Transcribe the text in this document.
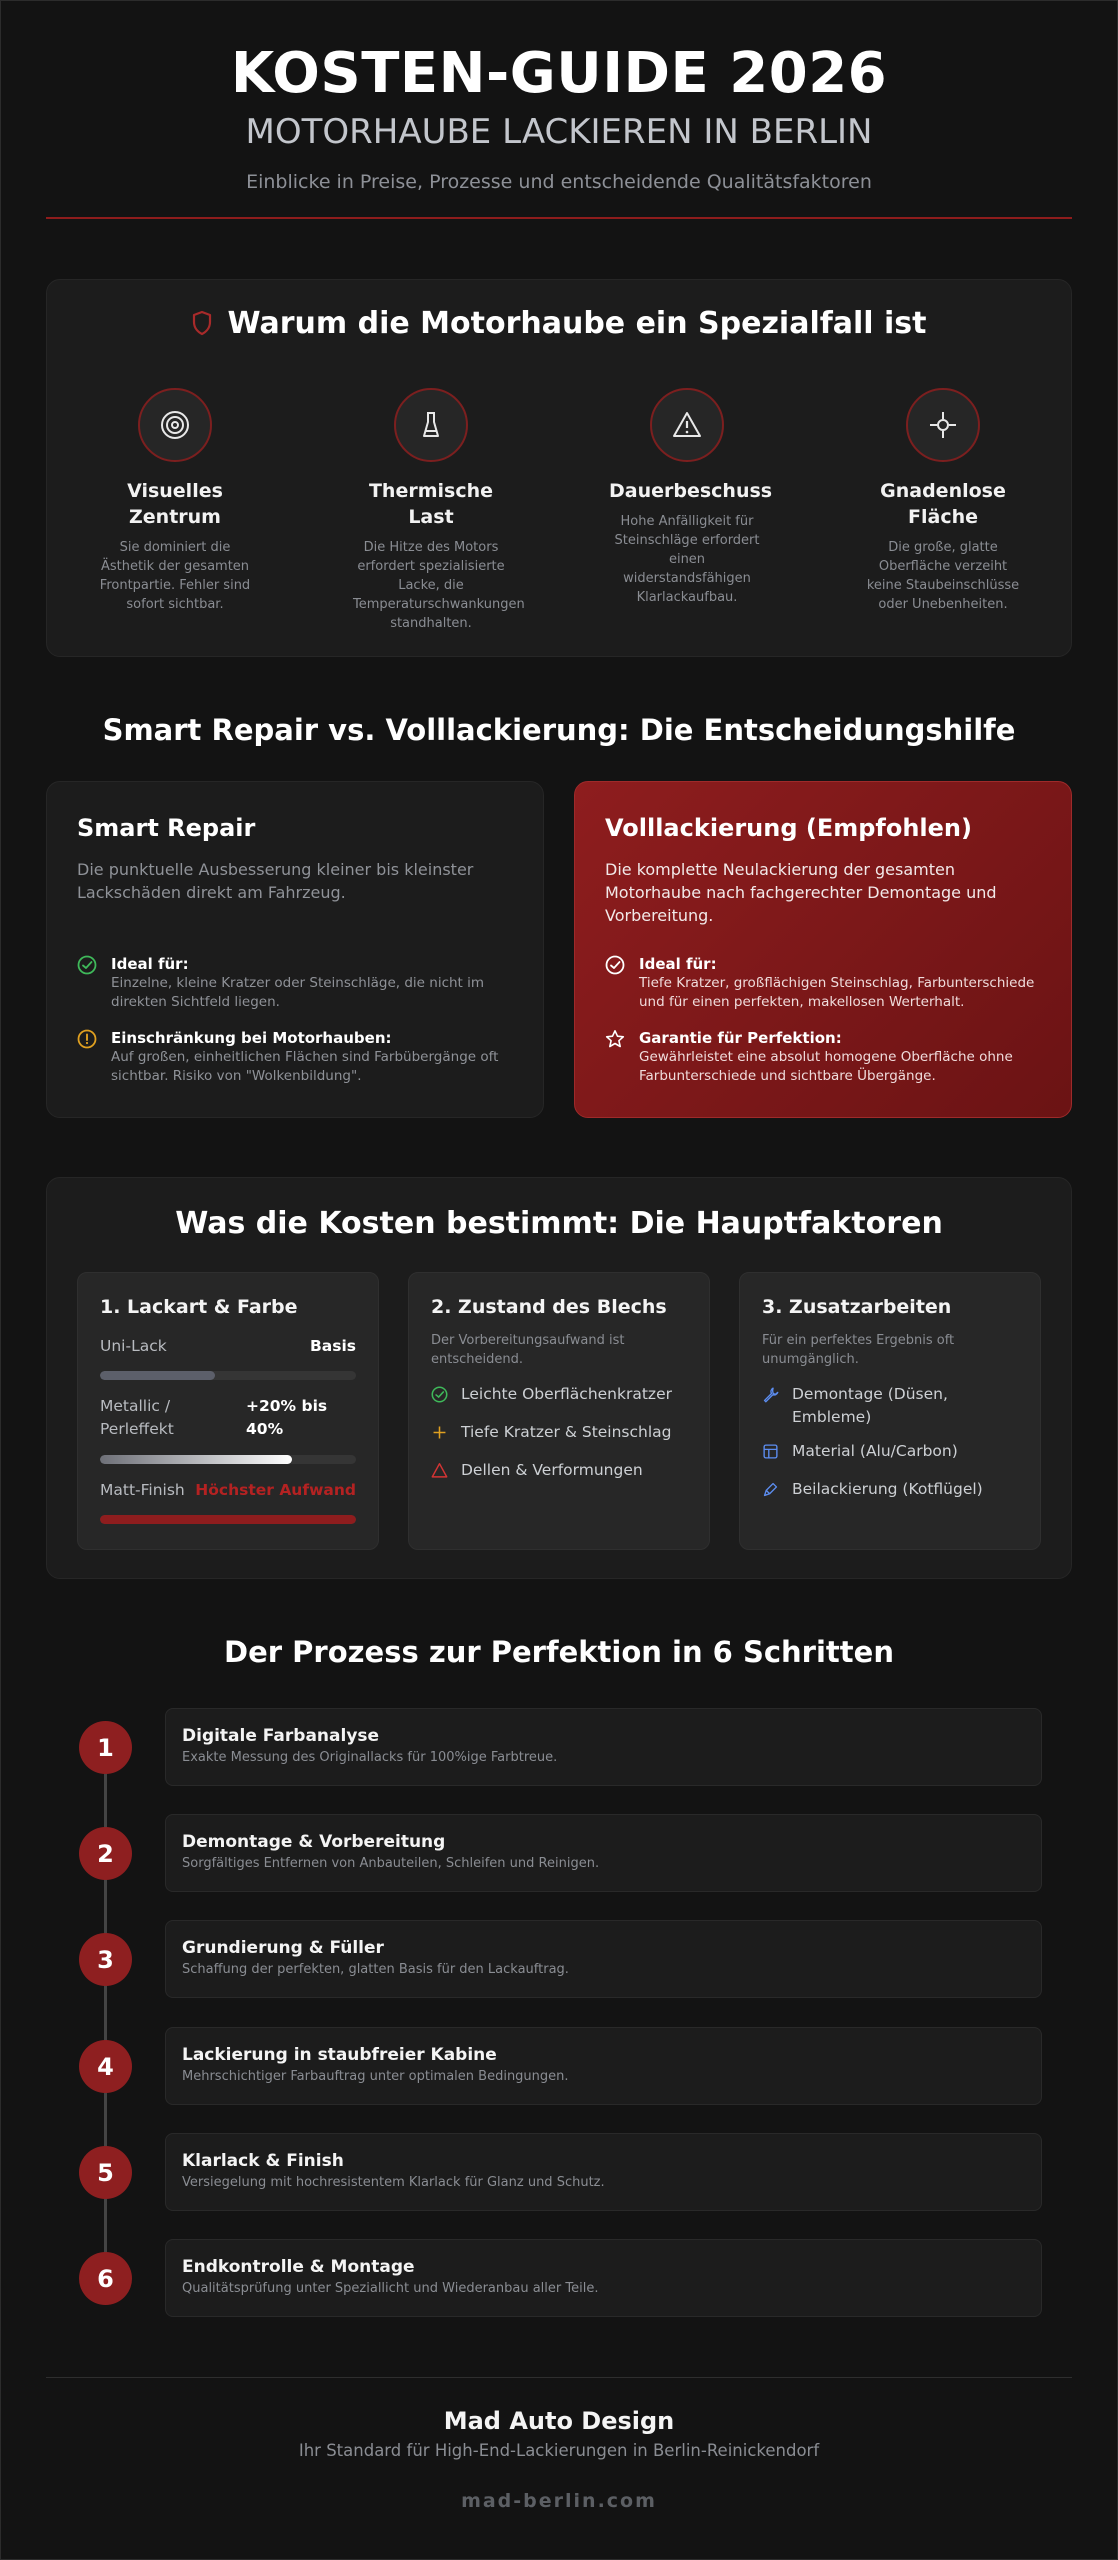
KOSTEN-GUIDE 2026
MOTORHAUBE LACKIEREN IN BERLIN

Einblicke in Preise, Prozesse und entscheidende Qualitätsfaktoren

Warum die Motorhaube ein Spezialfall ist
Visuelles Zentrum

Sie dominiert die Ästhetik der gesamten Frontpartie. Fehler sind sofort sichtbar.

Thermische Last

Die Hitze des Motors erfordert spezialisierte Lacke, die Temperaturschwankungen standhalten.

Dauerbeschuss

Hohe Anfälligkeit für Steinschläge erfordert einen widerstandsfähigen Klarlackaufbau.

Gnadenlose Fläche

Die große, glatte Oberfläche verzeiht keine Staubeinschlüsse oder Unebenheiten.

Smart Repair vs. Volllackierung: Die Entscheidungshilfe
Smart Repair

Die punktuelle Ausbesserung kleiner bis kleinster Lackschäden direkt am Fahrzeug.

Ideal für:
Einzelne, kleine Kratzer oder Steinschläge, die nicht im direkten Sichtfeld liegen.
Einschränkung bei Motorhauben:
Auf großen, einheitlichen Flächen sind Farbübergänge oft sichtbar. Risiko von "Wolkenbildung".
Volllackierung (Empfohlen)

Die komplette Neulackierung der gesamten Motorhaube nach fachgerechter Demontage und Vorbereitung.

Ideal für:
Tiefe Kratzer, großflächigen Steinschlag, Farbunterschiede und für einen perfekten, makellosen Werterhalt.
Garantie für Perfektion:
Gewährleistet eine absolut homogene Oberfläche ohne Farbunterschiede und sichtbare Übergänge.
Was die Kosten bestimmt: Die Hauptfaktoren
1. Lackart & Farbe
Uni-Lack	Basis
Metallic / Perleffekt
+20% bis 40%
Matt-Finish Höchster Aufwand
2. Zustand des Blechs

Der Vorbereitungsaufwand ist entscheidend.

Leichte Oberflächenkratzer
Tiefe Kratzer & Steinschlag
Dellen & Verformungen
3. Zusatzarbeiten

Für ein perfektes Ergebnis oft unumgänglich.

Demontage (Düsen, Embleme)
Material (Alu/Carbon)
Beilackierung (Kotflügel)
Der Prozess zur Perfektion in 6 Schritten
1	Digitale Farbanalyse

Exakte Messung des Originallacks für 100%ige Farbtreue.

2	Demontage & Vorbereitung

Sorgfältiges Entfernen von Anbauteilen, Schleifen und Reinigen.

3	Grundierung & Füller

Schaffung der perfekten, glatten Basis für den Lackauftrag.

4	Lackierung in staubfreier Kabine

Mehrschichtiger Farbauftrag unter optimalen Bedingungen.

5	Klarlack & Finish

Versiegelung mit hochresistentem Klarlack für Glanz und Schutz.

6	Endkontrolle & Montage

Qualitätsprüfung unter Speziallicht und Wiederanbau aller Teile.

Mad Auto Design

Ihr Standard für High-End-Lackierungen in Berlin-Reinickendorf

mad-berlin.com
